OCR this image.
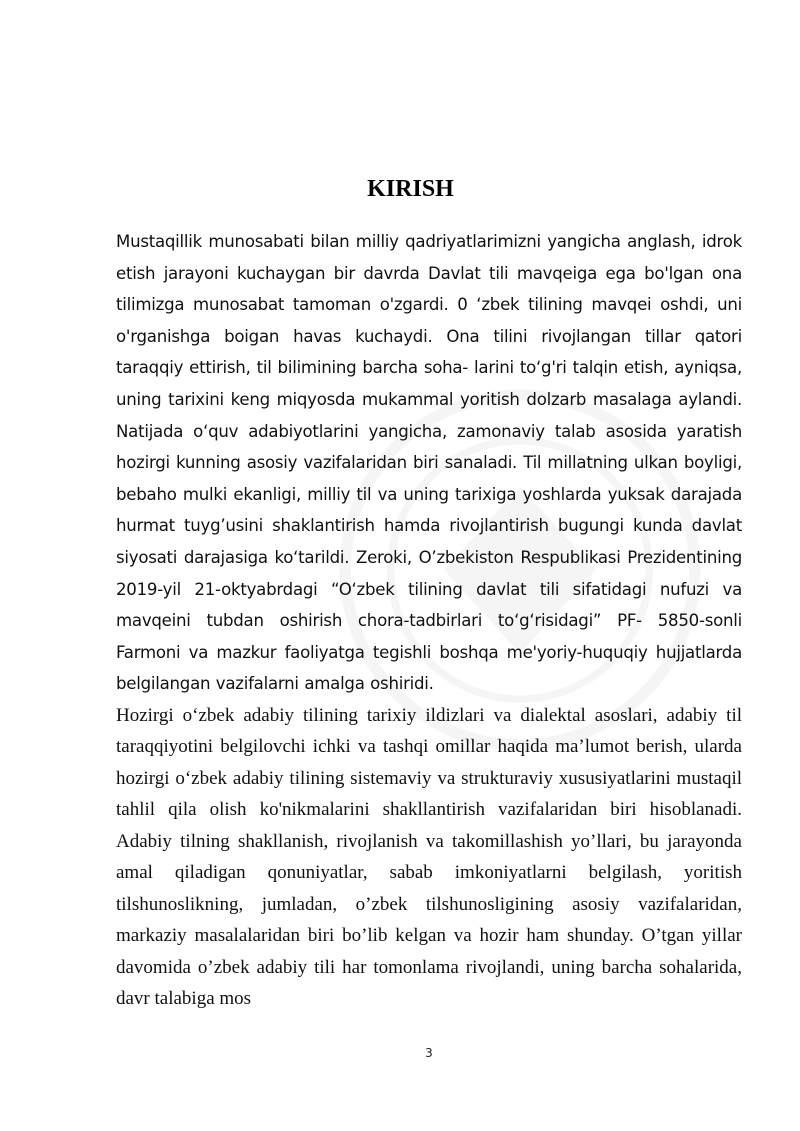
KIRISH

Mustaqillik munosabati bilan milliy qadriyatlarimizni yangicha anglash, idrok etish jarayoni kuchaygan bir davrda Davlat tili mavqeiga ega bo'lgan ona tilimizga munosabat tamoman o'zgardi. 0 ‘zbek tilining mavqei oshdi, uni o'rganishga boigan havas kuchaydi. Ona tilini rivojlangan tillar qatori taraqqiy ettirish, til bilimining barcha soha- larini to‘g'ri talqin etish, ayniqsa, uning tarixini keng miqyosda mukammal yoritish dolzarb masalaga aylandi. Natijada o‘quv adabiyotlarini yangicha, zamonaviy talab asosida yaratish hozirgi kunning asosiy vazifalaridan biri sanaladi. Til millatning ulkan boyligi, bebaho mulki ekanligi, milliy til va uning tarixiga yoshlarda yuksak darajada hurmat tuyg’usini shaklantirish hamda rivojlantirish bugungi kunda davlat siyosati darajasiga ko‘tarildi. Zeroki, O’zbekiston Respublikasi Prezidentining 2019-yil 21-oktyabrdagi “O‘zbek tilining davlat tili sifatidagi nufuzi va mavqeini tubdan oshirish chora-tadbirlari to‘g‘risidagi” PF- 5850-sonli Farmoni va mazkur faoliyatga tegishli boshqa me'yoriy-huquqiy hujjatlarda belgilangan vazifalarni amalga oshiridi.

Hozirgi o‘zbek adabiy tilining tarixiy ildizlari va dialektal asoslari, adabiy til taraqqiyotini belgilovchi ichki va tashqi omillar haqida ma’lumot berish, ularda hozirgi o‘zbek adabiy tilining sistemaviy va strukturaviy xususiyatlarini mustaqil tahlil qila olish ko'nikmalarini shakllantirish vazifalaridan biri hisoblanadi. Adabiy tilning shakllanish, rivojlanish va takomillashish yo’llari, bu jarayonda amal qiladigan qonuniyatlar, sabab imkoniyatlarni belgilash, yoritish tilshunoslikning, jumladan, o’zbek tilshunosligining asosiy vazifalaridan, markaziy masalalaridan biri bo’lib kelgan va hozir ham shunday. O’tgan yillar davomida o’zbek adabiy tili har tomonlama rivojlandi, uning barcha sohalarida, davr talabiga mos

3
